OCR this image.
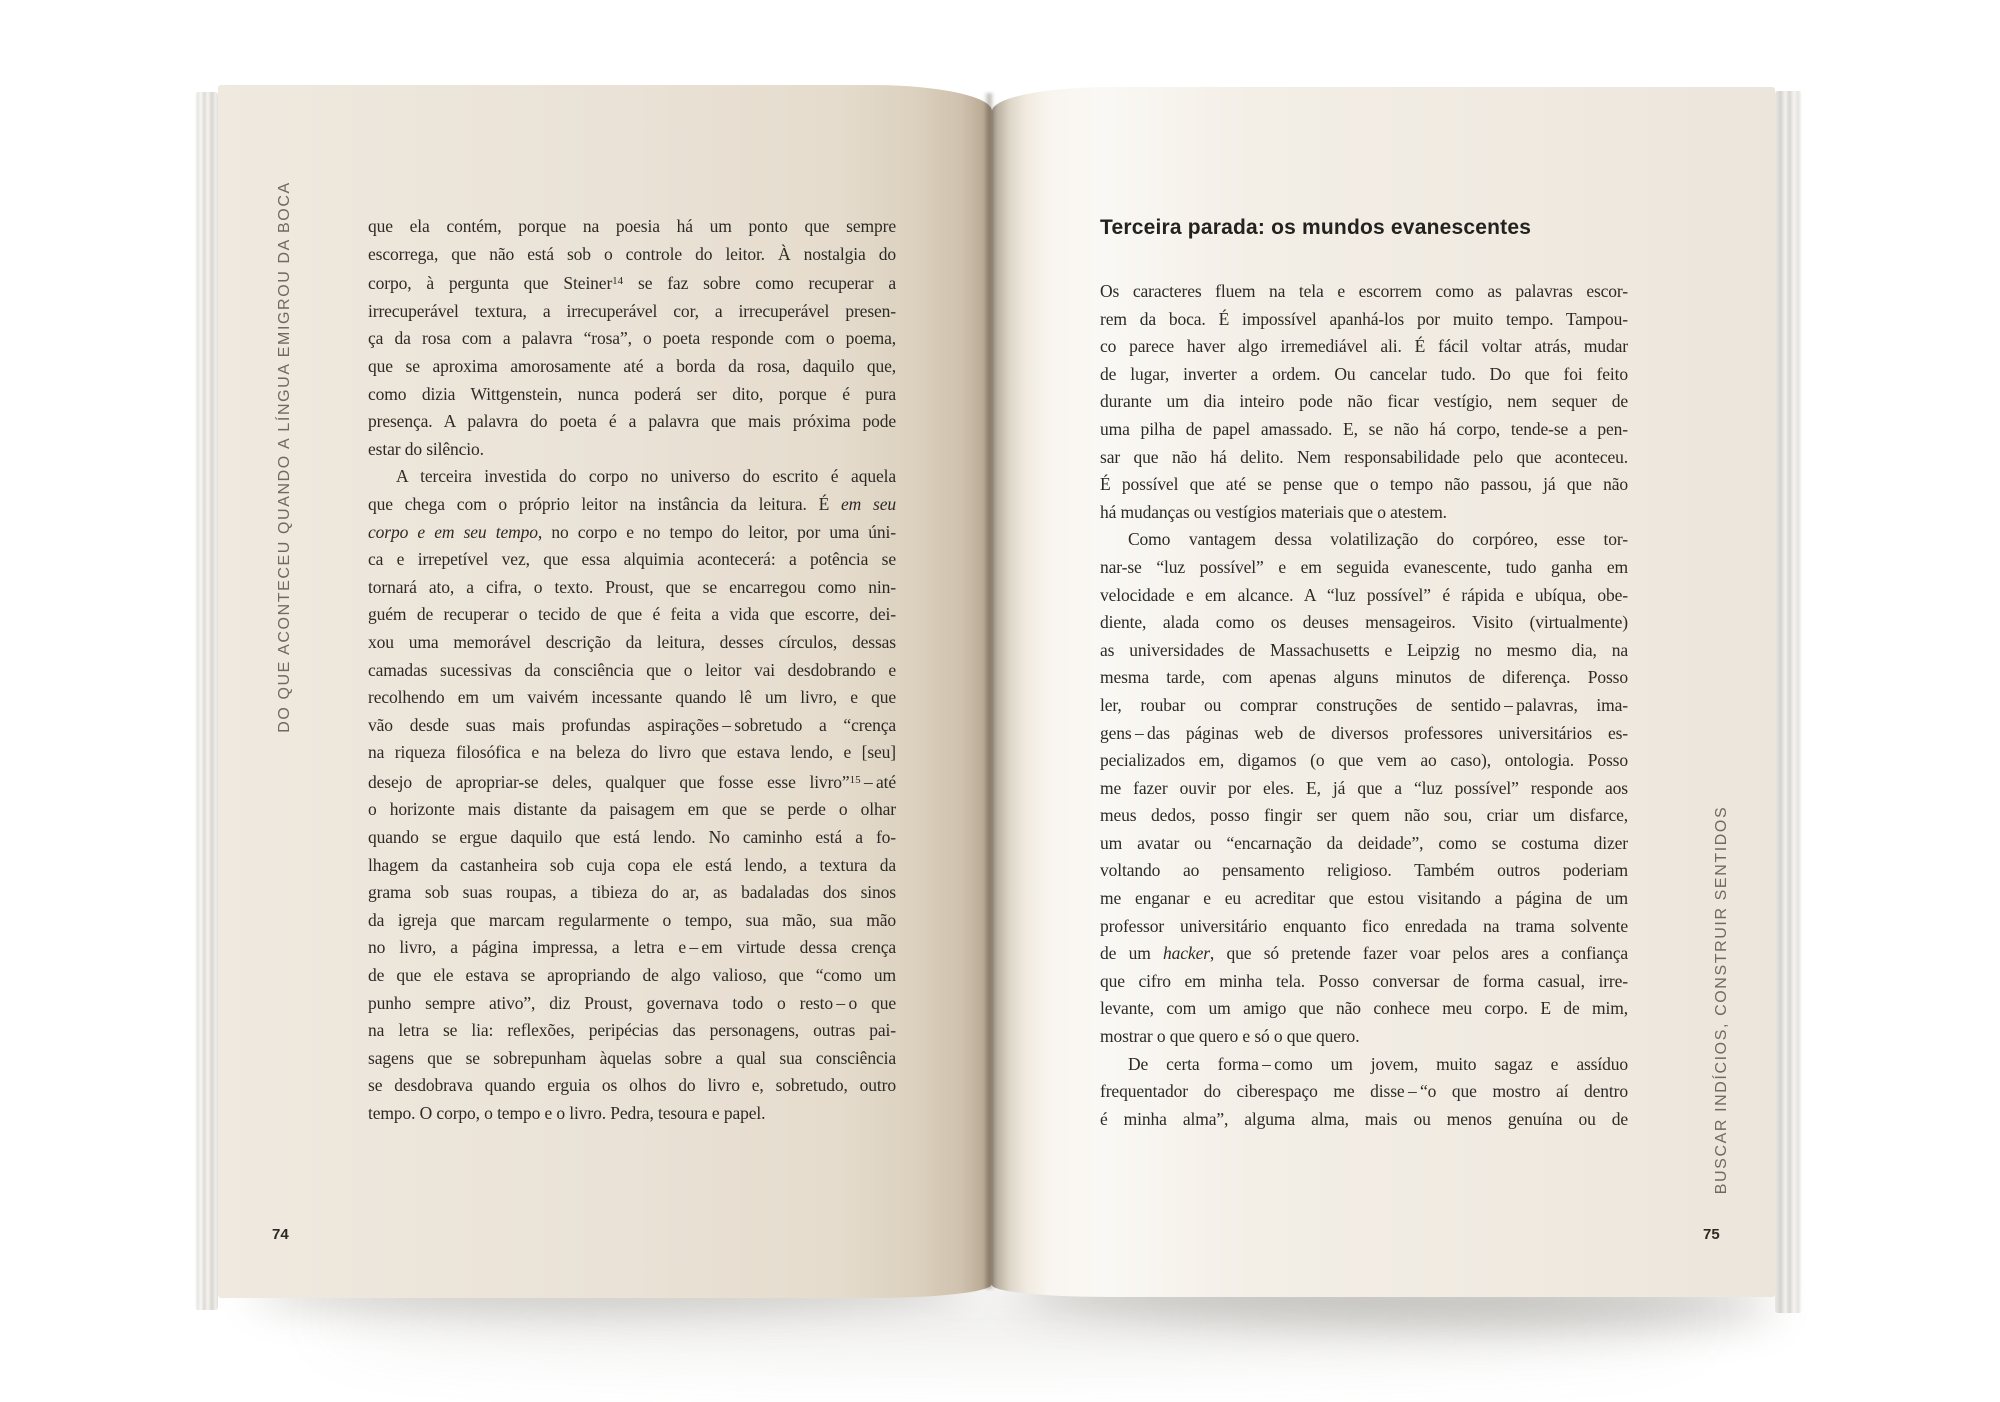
DO QUE ACONTECEU QUANDO A LÍNGUA EMIGROU DA BOCA	que ela contém, porque na poesia há um ponto que sempre
escorrega, que não está sob o controle do leitor. À nostalgia do
corpo, à pergunta que Steiner$^{14}$ se faz sobre como recuperar a
irrecuperável textura, a irrecuperável cor, a irrecuperável presen-
ça da rosa com a palavra “rosa”, o poeta responde com o poema,
que se aproxima amorosamente até a borda da rosa, daquilo que,
como dizia Wittgenstein, nunca poderá ser dito, porque é pura
presença. A palavra do poeta é a palavra que mais próxima pode
estar do silêncio.
A terceira investida do corpo no universo do escrito é aquela
que chega com o próprio leitor na instância da leitura. É em seu
corpo e em seu tempo, no corpo e no tempo do leitor, por uma úni-
ca e irrepetível vez, que essa alquimia acontecerá: a potência se
tornará ato, a cifra, o texto. Proust, que se encarregou como nin-
guém de recuperar o tecido de que é feita a vida que escorre, dei-
xou uma memorável descrição da leitura, desses círculos, dessas
camadas sucessivas da consciência que o leitor vai desdobrando e
recolhendo em um vaivém incessante quando lê um livro, e que
vão desde suas mais profundas aspirações – sobretudo a “crença
na riqueza filosófica e na beleza do livro que estava lendo, e [seu]
desejo de apropriar-se deles, qualquer que fosse esse livro”$^{15}$ – até
o horizonte mais distante da paisagem em que se perde o olhar
quando se ergue daquilo que está lendo. No caminho está a fo-
lhagem da castanheira sob cuja copa ele está lendo, a textura da
grama sob suas roupas, a tibieza do ar, as badaladas dos sinos
da igreja que marcam regularmente o tempo, sua mão, sua mão
no livro, a página impressa, a letra e – em virtude dessa crença
de que ele estava se apropriando de algo valioso, que “como um
punho sempre ativo”, diz Proust, governava todo o resto – o que
na letra se lia: reflexões, peripécias das personagens, outras pai-
sagens que se sobrepunham àquelas sobre a qual sua consciência
se desdobrava quando erguia os olhos do livro e, sobretudo, outro
tempo. O corpo, o tempo e o livro. Pedra, tesoura e papel.
74
Terceira parada: os mundos evanescentes
Os caracteres fluem na tela e escorrem como as palavras escor-
rem da boca. É impossível apanhá-los por muito tempo. Tampou-
co parece haver algo irremediável ali. É fácil voltar atrás, mudar
de lugar, inverter a ordem. Ou cancelar tudo. Do que foi feito
durante um dia inteiro pode não ficar vestígio, nem sequer de
uma pilha de papel amassado. E, se não há corpo, tende-se a pen-
sar que não há delito. Nem responsabilidade pelo que aconteceu.
É possível que até se pense que o tempo não passou, já que não
há mudanças ou vestígios materiais que o atestem.
Como vantagem dessa volatilização do corpóreo, esse tor-
nar-se “luz possível” e em seguida evanescente, tudo ganha em
velocidade e em alcance. A “luz possível” é rápida e ubíqua, obe-
diente, alada como os deuses mensageiros. Visito (virtualmente)
as universidades de Massachusetts e Leipzig no mesmo dia, na
mesma tarde, com apenas alguns minutos de diferença. Posso
ler, roubar ou comprar construções de sentido – palavras, ima-
gens – das páginas web de diversos professores universitários es-
pecializados em, digamos (o que vem ao caso), ontologia. Posso
me fazer ouvir por eles. E, já que a “luz possível” responde aos
meus dedos, posso fingir ser quem não sou, criar um disfarce,
um avatar ou “encarnação da deidade”, como se costuma dizer
voltando ao pensamento religioso. Também outros poderiam
me enganar e eu acreditar que estou visitando a página de um
professor universitário enquanto fico enredada na trama solvente
de um hacker, que só pretende fazer voar pelos ares a confiança
que cifro em minha tela. Posso conversar de forma casual, irre-
levante, com um amigo que não conhece meu corpo. E de mim,
mostrar o que quero e só o que quero.
De certa forma – como um jovem, muito sagaz e assíduo
frequentador do ciberespaço me disse – “o que mostro aí dentro
é minha alma”, alguma alma, mais ou menos genuína ou de	BUSCAR INDÍCIOS, CONSTRUIR SENTIDOS
75
